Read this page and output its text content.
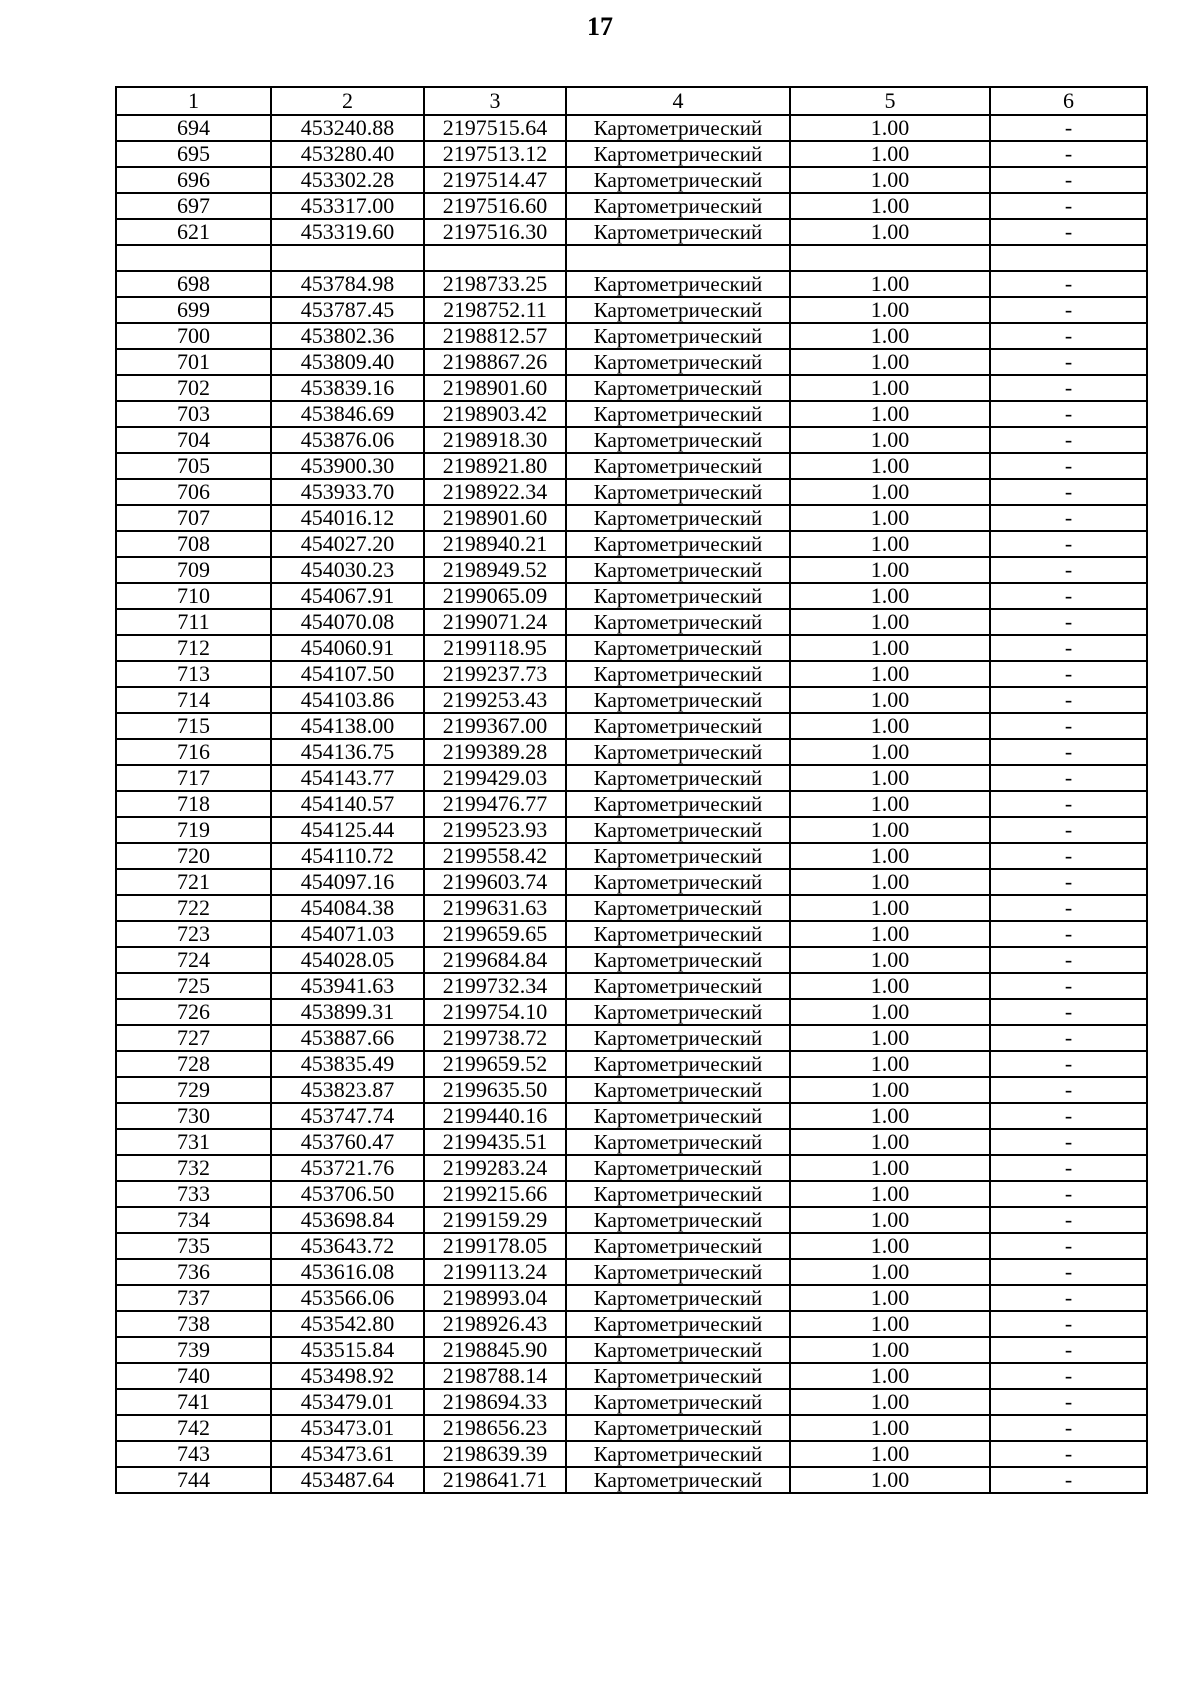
17
1	2	3	4	5	6
694	453240.88	2197515.64	Картометрический	1.00	-
695	453280.40	2197513.12	Картометрический	1.00	-
696	453302.28	2197514.47	Картометрический	1.00	-
697	453317.00	2197516.60	Картометрический	1.00	-
621	453319.60	2197516.30	Картометрический	1.00	-

698	453784.98	2198733.25	Картометрический	1.00	-
699	453787.45	2198752.11	Картометрический	1.00	-
700	453802.36	2198812.57	Картометрический	1.00	-
701	453809.40	2198867.26	Картометрический	1.00	-
702	453839.16	2198901.60	Картометрический	1.00	-
703	453846.69	2198903.42	Картометрический	1.00	-
704	453876.06	2198918.30	Картометрический	1.00	-
705	453900.30	2198921.80	Картометрический	1.00	-
706	453933.70	2198922.34	Картометрический	1.00	-
707	454016.12	2198901.60	Картометрический	1.00	-
708	454027.20	2198940.21	Картометрический	1.00	-
709	454030.23	2198949.52	Картометрический	1.00	-
710	454067.91	2199065.09	Картометрический	1.00	-
711	454070.08	2199071.24	Картометрический	1.00	-
712	454060.91	2199118.95	Картометрический	1.00	-
713	454107.50	2199237.73	Картометрический	1.00	-
714	454103.86	2199253.43	Картометрический	1.00	-
715	454138.00	2199367.00	Картометрический	1.00	-
716	454136.75	2199389.28	Картометрический	1.00	-
717	454143.77	2199429.03	Картометрический	1.00	-
718	454140.57	2199476.77	Картометрический	1.00	-
719	454125.44	2199523.93	Картометрический	1.00	-
720	454110.72	2199558.42	Картометрический	1.00	-
721	454097.16	2199603.74	Картометрический	1.00	-
722	454084.38	2199631.63	Картометрический	1.00	-
723	454071.03	2199659.65	Картометрический	1.00	-
724	454028.05	2199684.84	Картометрический	1.00	-
725	453941.63	2199732.34	Картометрический	1.00	-
726	453899.31	2199754.10	Картометрический	1.00	-
727	453887.66	2199738.72	Картометрический	1.00	-
728	453835.49	2199659.52	Картометрический	1.00	-
729	453823.87	2199635.50	Картометрический	1.00	-
730	453747.74	2199440.16	Картометрический	1.00	-
731	453760.47	2199435.51	Картометрический	1.00	-
732	453721.76	2199283.24	Картометрический	1.00	-
733	453706.50	2199215.66	Картометрический	1.00	-
734	453698.84	2199159.29	Картометрический	1.00	-
735	453643.72	2199178.05	Картометрический	1.00	-
736	453616.08	2199113.24	Картометрический	1.00	-
737	453566.06	2198993.04	Картометрический	1.00	-
738	453542.80	2198926.43	Картометрический	1.00	-
739	453515.84	2198845.90	Картометрический	1.00	-
740	453498.92	2198788.14	Картометрический	1.00	-
741	453479.01	2198694.33	Картометрический	1.00	-
742	453473.01	2198656.23	Картометрический	1.00	-
743	453473.61	2198639.39	Картометрический	1.00	-
744	453487.64	2198641.71	Картометрический	1.00	-
